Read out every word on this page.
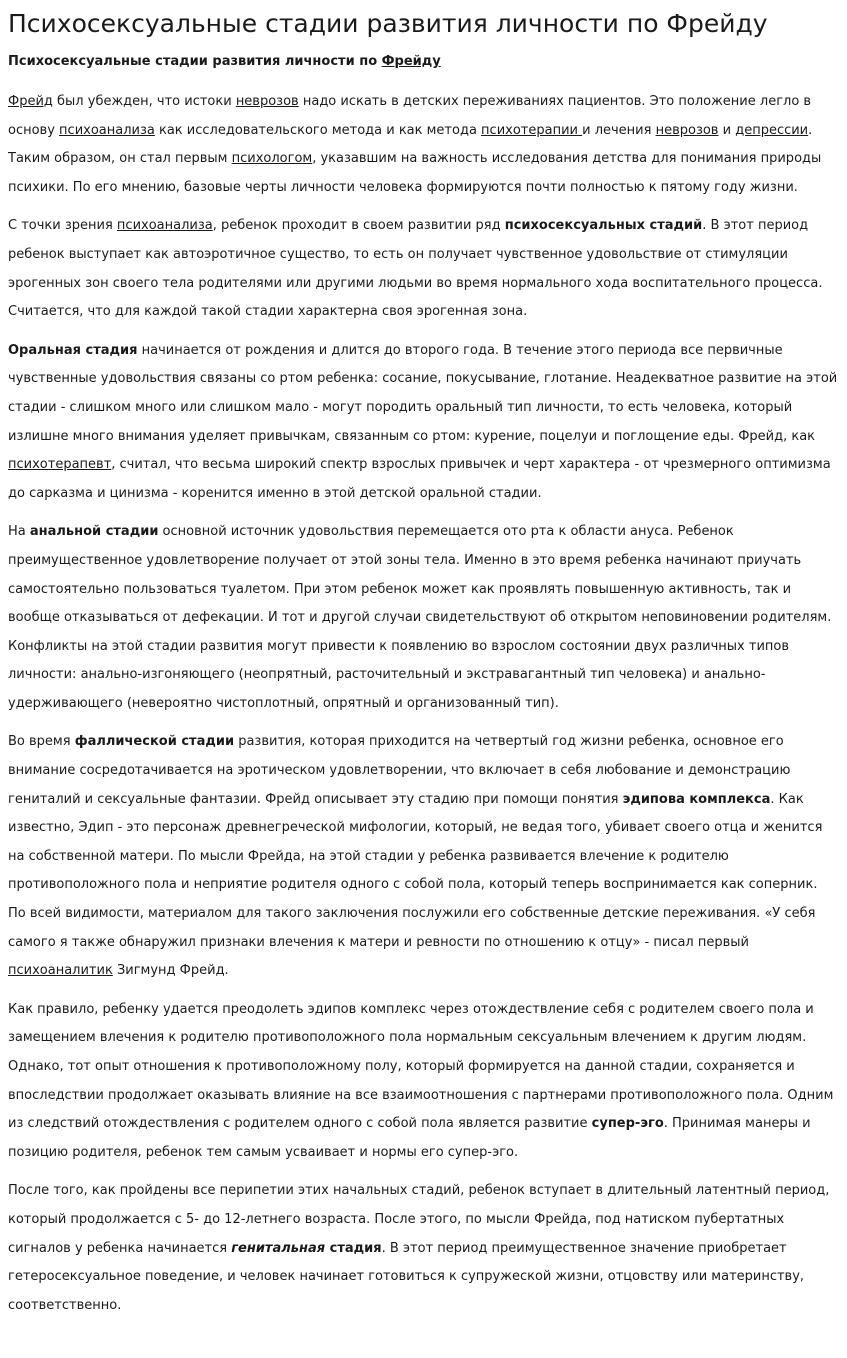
Психосексуальные стадии развития личности по Фрейду
Психосексуальные стадии развития личности по Фрейду

Фрейд был убежден, что истоки неврозов надо искать в детских переживаниях пациентов. Это положение легло в основу психоанализа как исследовательского метода и как метода психотерапии и лечения неврозов и депрессии. Таким образом, он стал первым психологом, указавшим на важность исследования детства для понимания природы психики. По его мнению, базовые черты личности человека формируются почти полностью к пятому году жизни.

С точки зрения психоанализа, ребенок проходит в своем развитии ряд психосексуальных стадий. В этот период ребенок выступает как автоэротичное существо, то есть он получает чувственное удовольствие от стимуляции эрогенных зон своего тела родителями или другими людьми во время нормального хода воспитательного процесса. Считается, что для каждой такой стадии характерна своя эрогенная зона.

Оральная стадия начинается от рождения и длится до второго года. В течение этого периода все первичные чувственные удовольствия связаны со ртом ребенка: сосание, покусывание, глотание. Неадекватное развитие на этой стадии - слишком много или слишком мало - могут породить оральный тип личности, то есть человека, который излишне много внимания уделяет привычкам, связанным со ртом: курение, поцелуи и поглощение еды. Фрейд, как психотерапевт, считал, что весьма широкий спектр взрослых привычек и черт характера - от чрезмерного оптимизма до сарказма и цинизма - коренится именно в этой детской оральной стадии.

На анальной стадии основной источник удовольствия перемещается ото рта к области ануса. Ребенок преимущественное удовлетворение получает от этой зоны тела. Именно в это время ребенка начинают приучать самостоятельно пользоваться туалетом. При этом ребенок может как проявлять повышенную активность, так и вообще отказываться от дефекации. И тот и другой случаи свидетельствуют об открытом неповиновении родителям. Конфликты на этой стадии развития могут привести к появлению во взрослом состоянии двух различных типов личности: анально-изгоняющего (неопрятный, расточительный и экстравагантный тип человека) и анально-удерживающего (невероятно чистоплотный, опрятный и организованный тип).

Во время фаллической стадии развития, которая приходится на четвертый год жизни ребенка, основное его внимание сосредотачивается на эротическом удовлетворении, что включает в себя любование и демонстрацию гениталий и сексуальные фантазии. Фрейд описывает эту стадию при помощи понятия эдипова комплекса. Как известно, Эдип - это персонаж древнегреческой мифологии, который, не ведая того, убивает своего отца и женится на собственной матери. По мысли Фрейда, на этой стадии у ребенка развивается влечение к родителю противоположного пола и неприятие родителя одного с собой пола, который теперь воспринимается как соперник. По всей видимости, материалом для такого заключения послужили его собственные детские переживания. «У себя самого я также обнаружил признаки влечения к матери и ревности по отношению к отцу» - писал первый психоаналитик Зигмунд Фрейд.

Как правило, ребенку удается преодолеть эдипов комплекс через отождествление себя с родителем своего пола и замещением влечения к родителю противоположного пола нормальным сексуальным влечением к другим людям. Однако, тот опыт отношения к противоположному полу, который формируется на данной стадии, сохраняется и впоследствии продолжает оказывать влияние на все взаимоотношения с партнерами противоположного пола. Одним из следствий отождествления с родителем одного с собой пола является развитие супер-эго. Принимая манеры и позицию родителя, ребенок тем самым усваивает и нормы его супер-эго.

После того, как пройдены все перипетии этих начальных стадий, ребенок вступает в длительный латентный период, который продолжается с 5- до 12-летнего возраста. После этого, по мысли Фрейда, под натиском пубертатных сигналов у ребенка начинается генитальная стадия. В этот период преимущественное значение приобретает гетеросексуальное поведение, и человек начинает готовиться к супружеской жизни, отцовству или материнству, соответственно.
